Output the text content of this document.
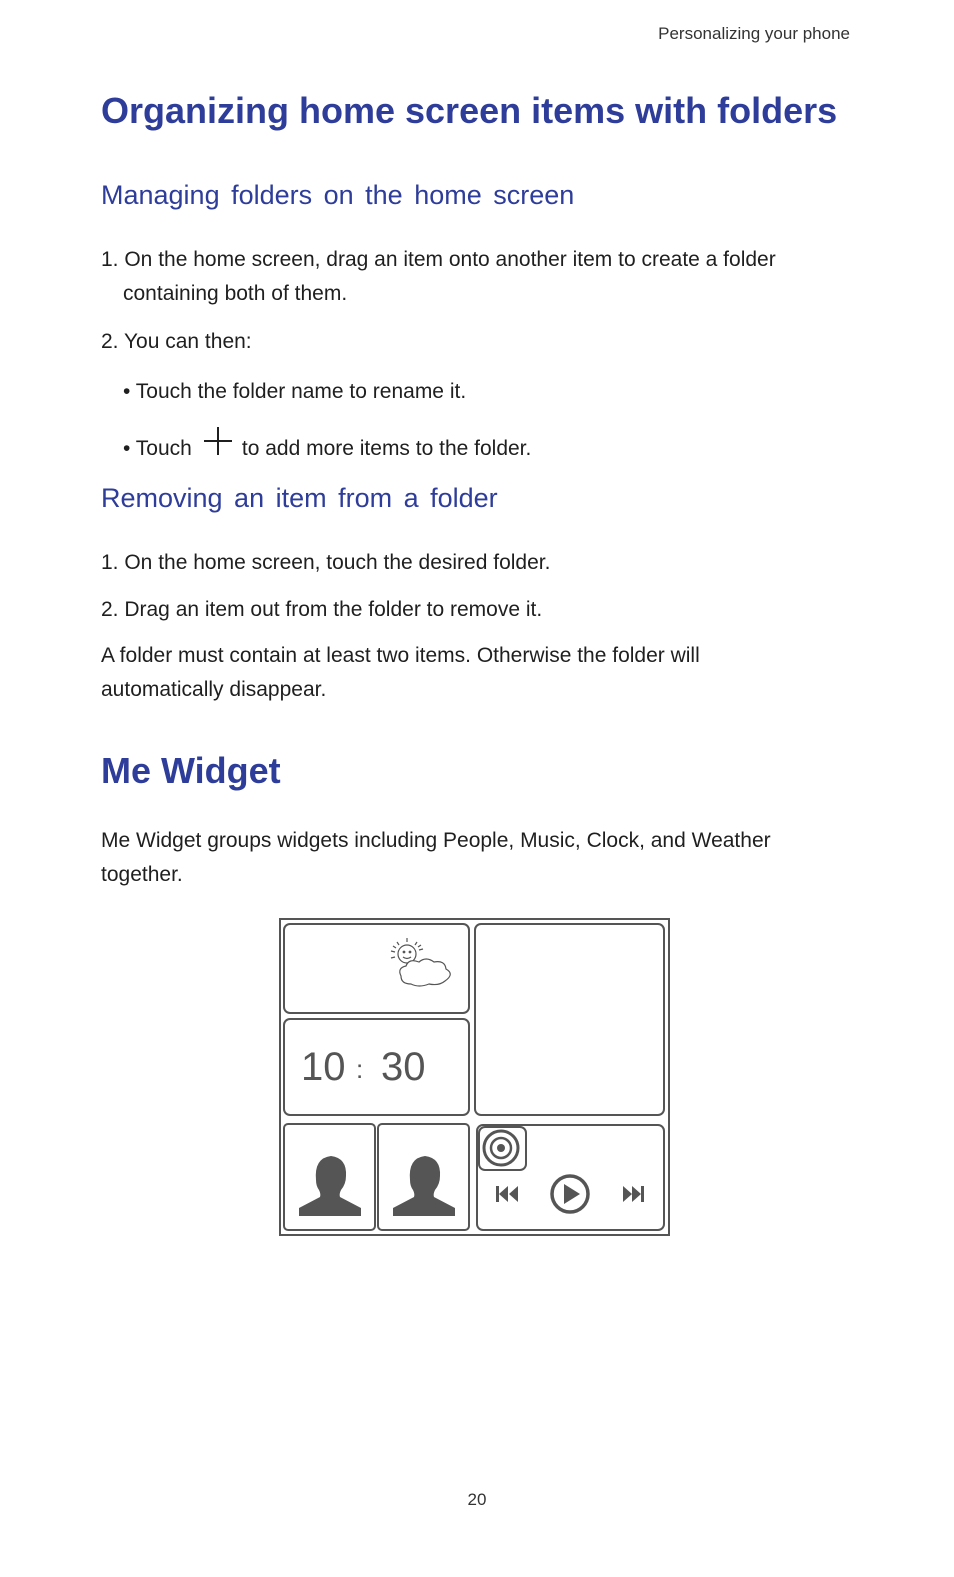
Personalizing your phone
Organizing home screen items with folders
Managing folders on the home screen

1. On the home screen, drag an item onto another item to create a folder
containing both of them.

2. You can then:

• Touch the folder name to rename it.
• Touch to add more items to the folder.
Removing an item from a folder

1. On the home screen, touch the desired folder.

2. Drag an item out from the folder to remove it.

A folder must contain at least two items. Otherwise the folder will
automatically disappear.

Me Widget

Me Widget groups widgets including People, Music, Clock, and Weather
together.

10 : 30
20
